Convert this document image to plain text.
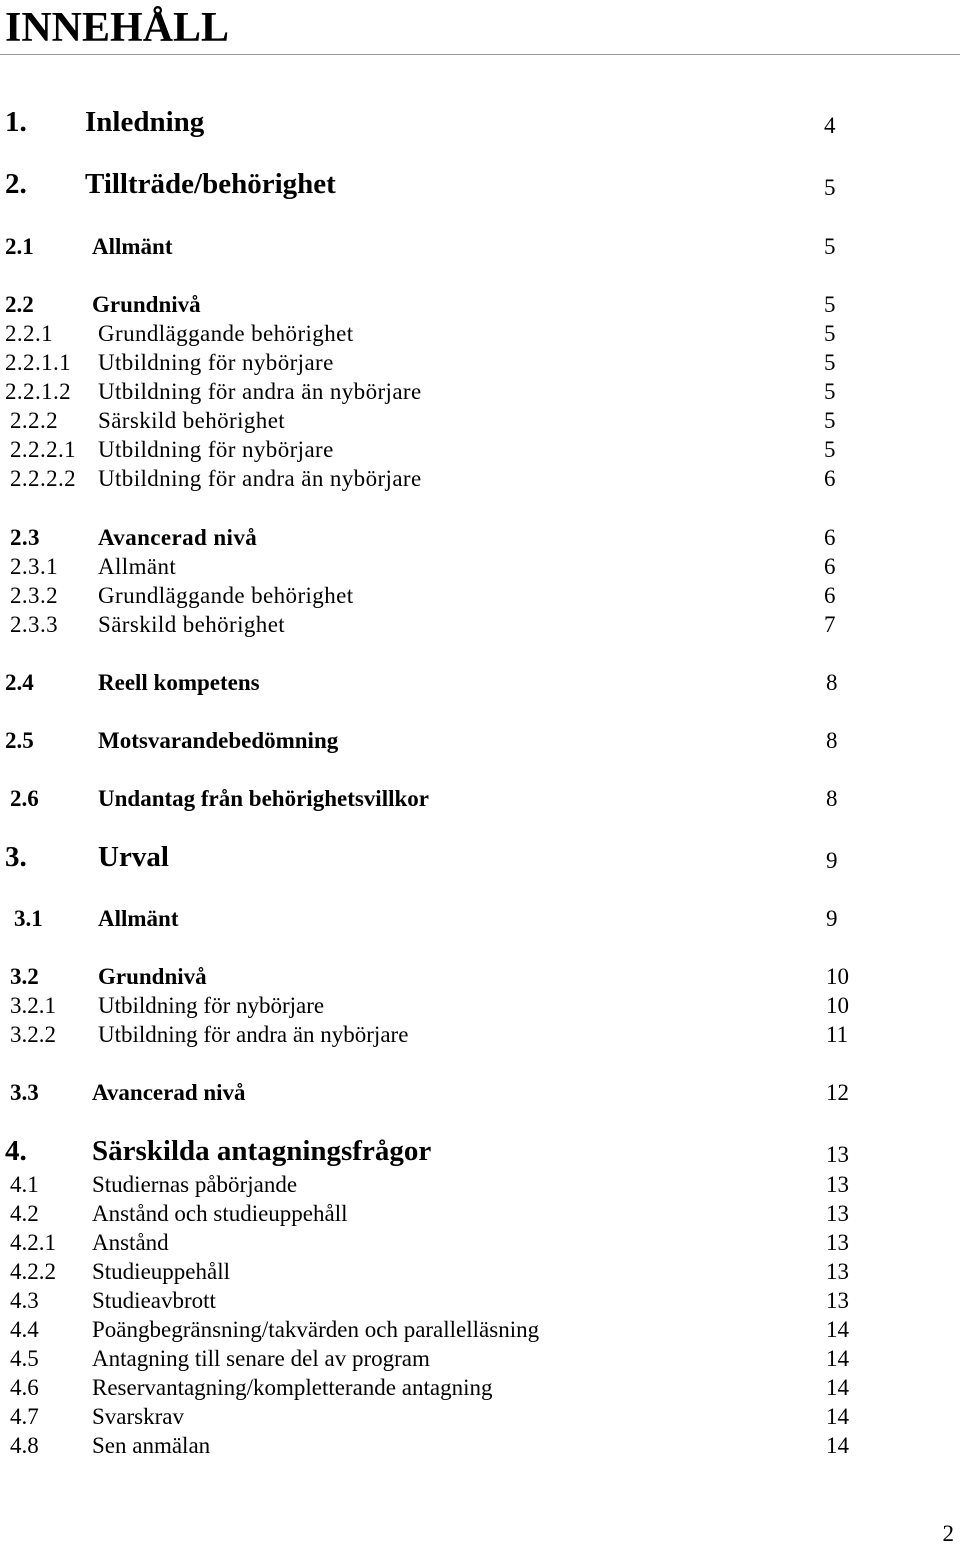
INNEHÅLL
1. Inledning	4
2. Tillträde/behörighet	5
2.1	Allmänt	5
2.2	Grundnivå	5
2.2.1 Grundläggande behörighet	5
2.2.1.1 Utbildning för nybörjare	5
2.2.1.2 Utbildning för andra än nybörjare	5
2.2.2 Särskild behörighet	5
2.2.2.1 Utbildning för nybörjare	5
2.2.2.2 Utbildning för andra än nybörjare	6
2.3	Avancerad nivå	6
2.3.1 Allmänt	6
2.3.2 Grundläggande behörighet	6
2.3.3 Särskild behörighet	7
2.4	Reell kompetens	8
2.5	Motsvarandebedömning	8
2.6	Undantag från behörighetsvillkor	8
3. Urval	9
3.1 Allmänt	9
3.2	Grundnivå	10
3.2.1 Utbildning för nybörjare	10
3.2.2 Utbildning för andra än nybörjare	11
3.3 Avancerad nivå	12
4. Särskilda antagningsfrågor	13
4.1 Studiernas påbörjande	13
4.2 Anstånd och studieuppehåll	13
4.2.1 Anstånd	13
4.2.2 Studieuppehåll	13
4.3 Studieavbrott	13
4.4 Poängbegränsning/takvärden och parallelläsning	14
4.5 Antagning till senare del av program	14
4.6 Reservantagning/kompletterande antagning	14
4.7 Svarskrav	14
4.8 Sen anmälan	14
2
